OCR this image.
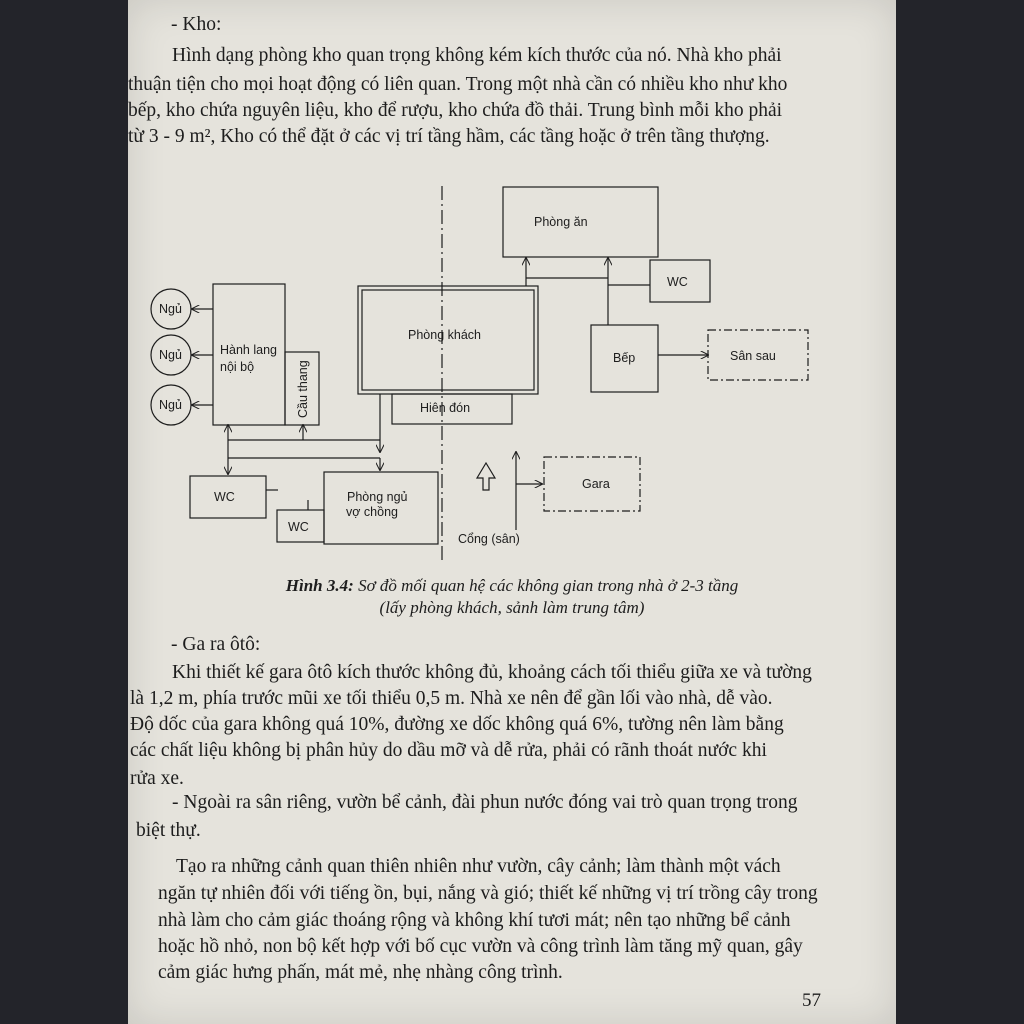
- Kho:
Hình dạng phòng kho quan trọng không kém kích thước của nó. Nhà kho phải
thuận tiện cho mọi hoạt động có liên quan. Trong một nhà cần có nhiều kho như kho
bếp, kho chứa nguyên liệu, kho để rượu, kho chứa đồ thải. Trung bình mỗi kho phải
từ 3 - 9 m², Kho có thể đặt ở các vị trí tầng hầm, các tầng hoặc ở trên tầng thượng.
Phòng ăn
WC
Ngủ
Ngủ
Ngủ
Hành lang
nội bộ	Cầu thang
Phòng khách
Hiên đón
Bếp	Sân sau
WC	Phòng ngủ
vợ chồng
WC
Gara
Cổng (sân)
Hình 3.4: Sơ đồ mối quan hệ các không gian trong nhà ở 2-3 tầng
(lấy phòng khách, sảnh làm trung tâm)
- Ga ra ôtô:
Khi thiết kế gara ôtô kích thước không đủ, khoảng cách tối thiểu giữa xe và tường
là 1,2 m, phía trước mũi xe tối thiểu 0,5 m. Nhà xe nên để gần lối vào nhà, dễ vào.
Độ dốc của gara không quá 10%, đường xe dốc không quá 6%, tường nên làm bằng
các chất liệu không bị phân hủy do dầu mỡ và dễ rửa, phải có rãnh thoát nước khi
rửa xe.
- Ngoài ra sân riêng, vườn bể cảnh, đài phun nước đóng vai trò quan trọng trong
biệt thự.
Tạo ra những cảnh quan thiên nhiên như vườn, cây cảnh; làm thành một vách
ngăn tự nhiên đối với tiếng ồn, bụi, nắng và gió; thiết kế những vị trí trồng cây trong
nhà làm cho cảm giác thoáng rộng và không khí tươi mát; nên tạo những bể cảnh
hoặc hồ nhỏ, non bộ kết hợp với bố cục vườn và công trình làm tăng mỹ quan, gây
cảm giác hưng phấn, mát mẻ, nhẹ nhàng công trình.
57
